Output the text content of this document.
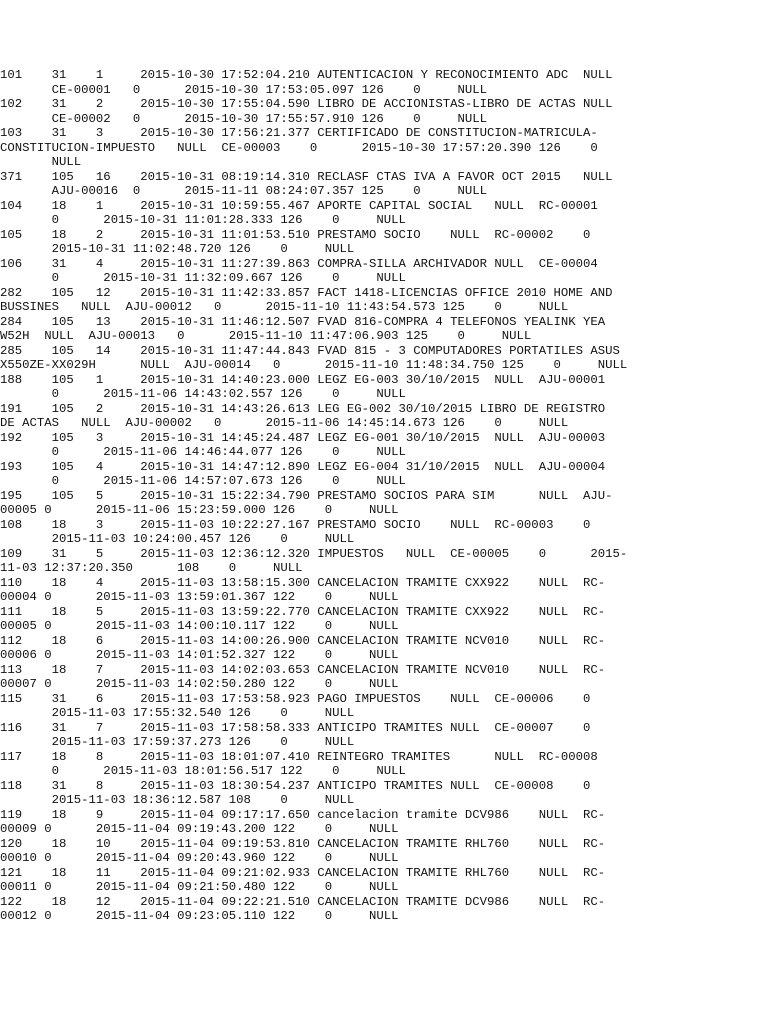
101    31    1     2015-10-30 17:52:04.210 AUTENTICACION Y RECONOCIMIENTO ADC  NULL
CE-00001   0      2015-10-30 17:53:05.097 126    0     NULL
102    31    2     2015-10-30 17:55:04.590 LIBRO DE ACCIONISTAS-LIBRO DE ACTAS NULL
CE-00002   0      2015-10-30 17:55:57.910 126    0     NULL
103    31    3     2015-10-30 17:56:21.377 CERTIFICADO DE CONSTITUCION-MATRICULA-
CONSTITUCION-IMPUESTO   NULL  CE-00003    0      2015-10-30 17:57:20.390 126    0
NULL
371    105   16    2015-10-31 08:19:14.310 RECLASF CTAS IVA A FAVOR OCT 2015   NULL
AJU-00016  0      2015-11-11 08:24:07.357 125    0     NULL
104    18    1     2015-10-31 10:59:55.467 APORTE CAPITAL SOCIAL   NULL  RC-00001
0      2015-10-31 11:01:28.333 126    0     NULL
105    18    2     2015-10-31 11:01:53.510 PRESTAMO SOCIO    NULL  RC-00002    0
2015-10-31 11:02:48.720 126    0     NULL
106    31    4     2015-10-31 11:27:39.863 COMPRA-SILLA ARCHIVADOR NULL  CE-00004
0      2015-10-31 11:32:09.667 126    0     NULL
282    105   12    2015-10-31 11:42:33.857 FACT 1418-LICENCIAS OFFICE 2010 HOME AND
BUSSINES   NULL  AJU-00012   0      2015-11-10 11:43:54.573 125    0     NULL
284    105   13    2015-10-31 11:46:12.507 FVAD 816-COMPRA 4 TELEFONOS YEALINK YEA
W52H  NULL  AJU-00013   0      2015-11-10 11:47:06.903 125    0     NULL
285    105   14    2015-10-31 11:47:44.843 FVAD 815 - 3 COMPUTADORES PORTATILES ASUS
X550ZE-XX029H      NULL  AJU-00014   0      2015-11-10 11:48:34.750 125    0     NULL
188    105   1     2015-10-31 14:40:23.000 LEGZ EG-003 30/10/2015  NULL  AJU-00001
0      2015-11-06 14:43:02.557 126    0     NULL
191    105   2     2015-10-31 14:43:26.613 LEG EG-002 30/10/2015 LIBRO DE REGISTRO
DE ACTAS   NULL  AJU-00002   0      2015-11-06 14:45:14.673 126    0     NULL
192    105   3     2015-10-31 14:45:24.487 LEGZ EG-001 30/10/2015  NULL  AJU-00003
0      2015-11-06 14:46:44.077 126    0     NULL
193    105   4     2015-10-31 14:47:12.890 LEGZ EG-004 31/10/2015  NULL  AJU-00004
0      2015-11-06 14:57:07.673 126    0     NULL
195    105   5     2015-10-31 15:22:34.790 PRESTAMO SOCIOS PARA SIM      NULL  AJU-
00005 0      2015-11-06 15:23:59.000 126    0     NULL
108    18    3     2015-11-03 10:22:27.167 PRESTAMO SOCIO    NULL  RC-00003    0
2015-11-03 10:24:00.457 126    0     NULL
109    31    5     2015-11-03 12:36:12.320 IMPUESTOS   NULL  CE-00005    0      2015-
11-03 12:37:20.350      108    0     NULL
110    18    4     2015-11-03 13:58:15.300 CANCELACION TRAMITE CXX922    NULL  RC-
00004 0      2015-11-03 13:59:01.367 122    0     NULL
111    18    5     2015-11-03 13:59:22.770 CANCELACION TRAMITE CXX922    NULL  RC-
00005 0      2015-11-03 14:00:10.117 122    0     NULL
112    18    6     2015-11-03 14:00:26.900 CANCELACION TRAMITE NCV010    NULL  RC-
00006 0      2015-11-03 14:01:52.327 122    0     NULL
113    18    7     2015-11-03 14:02:03.653 CANCELACION TRAMITE NCV010    NULL  RC-
00007 0      2015-11-03 14:02:50.280 122    0     NULL
115    31    6     2015-11-03 17:53:58.923 PAGO IMPUESTOS    NULL  CE-00006    0
2015-11-03 17:55:32.540 126    0     NULL
116    31    7     2015-11-03 17:58:58.333 ANTICIPO TRAMITES NULL  CE-00007    0
2015-11-03 17:59:37.273 126    0     NULL
117    18    8     2015-11-03 18:01:07.410 REINTEGRO TRAMITES      NULL  RC-00008
0      2015-11-03 18:01:56.517 122    0     NULL
118    31    8     2015-11-03 18:30:54.237 ANTICIPO TRAMITES NULL  CE-00008    0
2015-11-03 18:36:12.587 108    0     NULL
119    18    9     2015-11-04 09:17:17.650 cancelacion tramite DCV986    NULL  RC-
00009 0      2015-11-04 09:19:43.200 122    0     NULL
120    18    10    2015-11-04 09:19:53.810 CANCELACION TRAMITE RHL760    NULL  RC-
00010 0      2015-11-04 09:20:43.960 122    0     NULL
121    18    11    2015-11-04 09:21:02.933 CANCELACION TRAMITE RHL760    NULL  RC-
00011 0      2015-11-04 09:21:50.480 122    0     NULL
122    18    12    2015-11-04 09:22:21.510 CANCELACION TRAMITE DCV986    NULL  RC-
00012 0      2015-11-04 09:23:05.110 122    0     NULL
